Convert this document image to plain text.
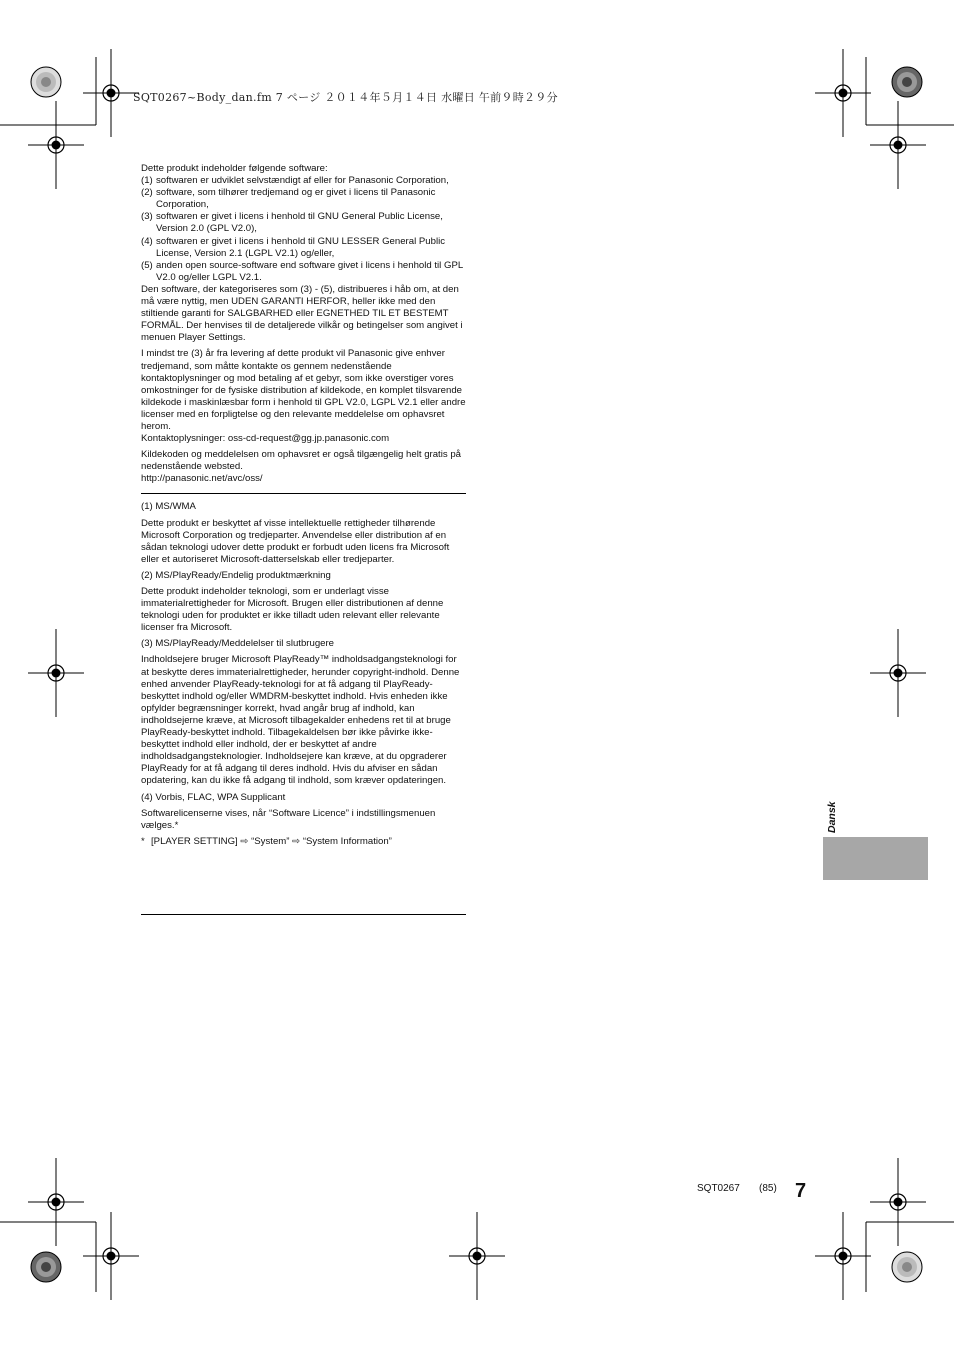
SQT0267~Body_dan.fm 7 ページ ２０１４年５月１４日 水曜日 午前９時２９分

Dette produkt indeholder følgende software:

(1) softwaren er udviklet selvstændigt af eller for Panasonic Corporation,
(2) software, som tilhører tredjemand og er givet i licens til Panasonic Corporation,
(3) softwaren er givet i licens i henhold til GNU General Public License, Version 2.0 (GPL V2.0),
(4) softwaren er givet i licens i henhold til GNU LESSER General Public License, Version 2.1 (LGPL V2.1) og/eller,
(5) anden open source-software end software givet i licens i henhold til GPL V2.0 og/eller LGPL V2.1.

Den software, der kategoriseres som (3) - (5), distribueres i håb om, at den må være nyttig, men UDEN GARANTI HERFOR, heller ikke med den stiltiende garanti for SALGBARHED eller EGNETHED TIL ET BESTEMT FORMÅL. Der henvises til de detaljerede vilkår og betingelser som angivet i menuen Player Settings.

I mindst tre (3) år fra levering af dette produkt vil Panasonic give enhver tredjemand, som måtte kontakte os gennem nedenstående kontaktoplysninger og mod betaling af et gebyr, som ikke overstiger vores omkostninger for de fysiske distribution af kildekode, en komplet tilsvarende kildekode i maskinlæsbar form i henhold til GPL V2.0, LGPL V2.1 eller andre licenser med en forpligtelse og den relevante meddelelse om ophavsret herom.

Kontaktoplysninger: oss-cd-request@gg.jp.panasonic.com

Kildekoden og meddelelsen om ophavsret er også tilgængelig helt gratis på nedenstående websted.

http://panasonic.net/avc/oss/

(1) MS/WMA

Dette produkt er beskyttet af visse intellektuelle rettigheder tilhørende Microsoft Corporation og tredjeparter. Anvendelse eller distribution af en sådan teknologi udover dette produkt er forbudt uden licens fra Microsoft eller et autoriseret Microsoft-datterselskab eller tredjeparter.

(2) MS/PlayReady/Endelig produktmærkning

Dette produkt indeholder teknologi, som er underlagt visse immaterialrettigheder for Microsoft. Brugen eller distributionen af denne teknologi uden for produktet er ikke tilladt uden relevant eller relevante licenser fra Microsoft.

(3) MS/PlayReady/Meddelelser til slutbrugere

Indholdsejere bruger Microsoft PlayReady™ indholdsadgangsteknologi for at beskytte deres immaterialrettigheder, herunder copyright-indhold. Denne enhed anvender PlayReady-teknologi for at få adgang til PlayReady-beskyttet indhold og/eller WMDRM-beskyttet indhold. Hvis enheden ikke opfylder begrænsninger korrekt, hvad angår brug af indhold, kan indholdsejerne kræve, at Microsoft tilbagekalder enhedens ret til at bruge PlayReady-beskyttet indhold. Tilbagekaldelsen bør ikke påvirke ikke-beskyttet indhold eller indhold, der er beskyttet af andre indholdsadgangsteknologier. Indholdsejere kan kræve, at du opgraderer PlayReady for at få adgang til deres indhold. Hvis du afviser en sådan opdatering, kan du ikke få adgang til indhold, som kræver opdateringen.

(4) Vorbis, FLAC, WPA Supplicant

Softwarelicenserne vises, når “Software Licence” i indstillingsmenuen vælges.*

* [PLAYER SETTING] ⇨ “System” ⇨ “System Information”
Dansk
SQT0267 (85) 7
